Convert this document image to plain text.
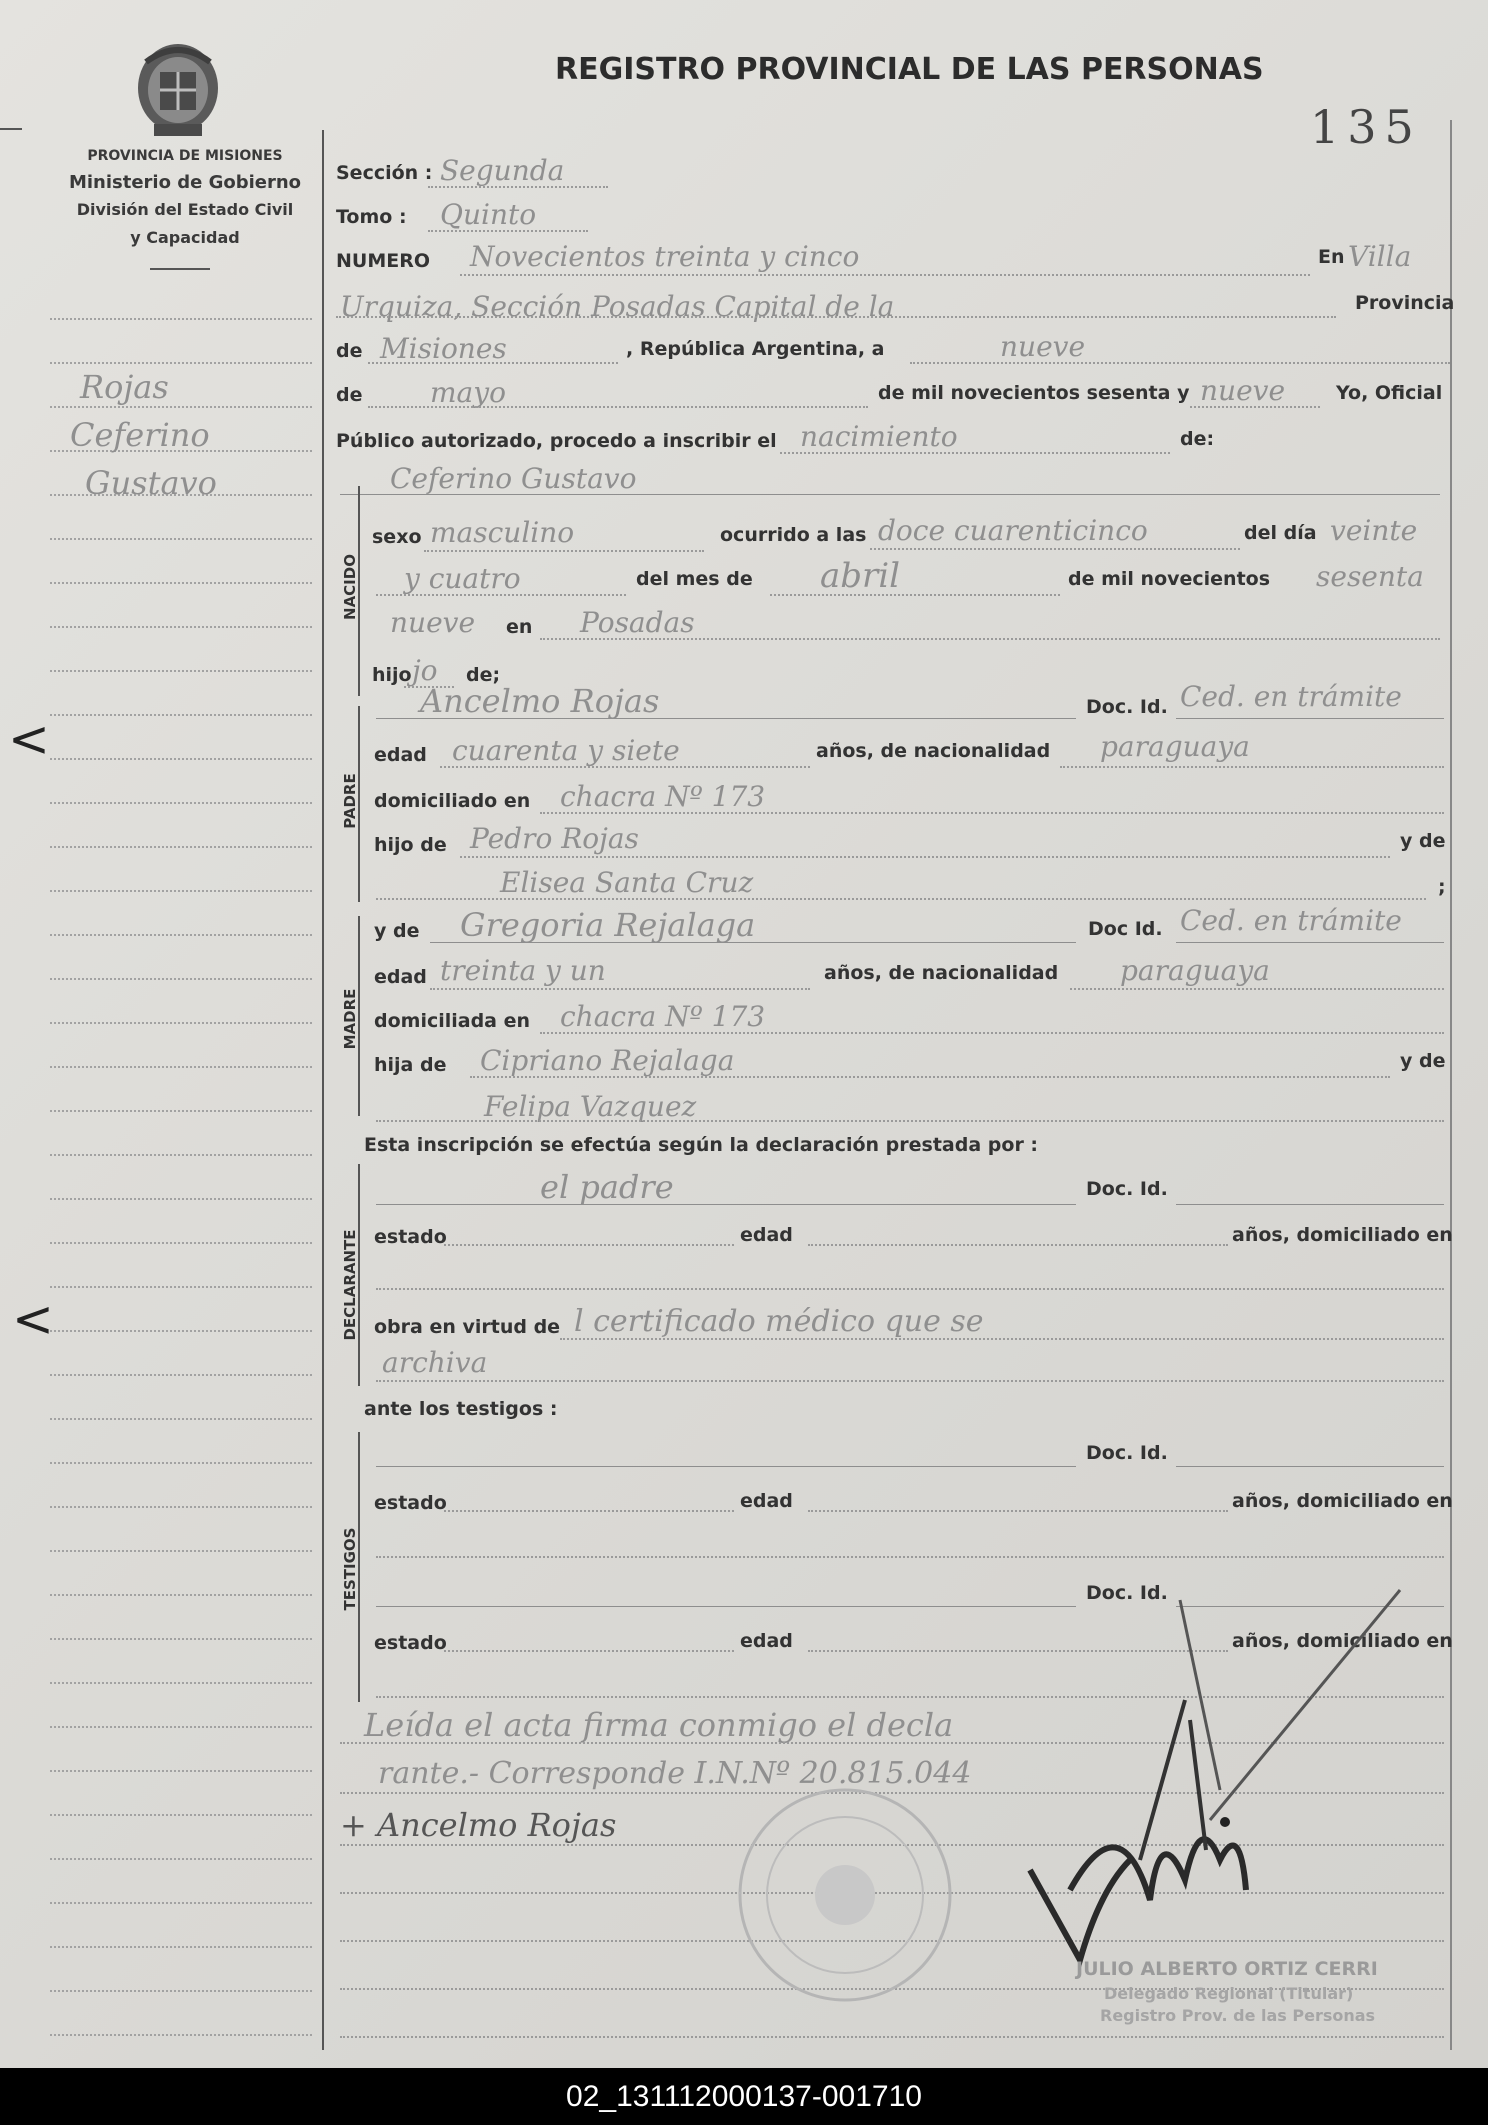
PROVINCIA DE MISIONES
Ministerio de Gobierno
División del Estado Civil
y Capacidad
REGISTRO PROVINCIAL DE LAS PERSONAS
135
Rojas
Ceferino
Gustavo
<
<
Sección : Segunda
Tomo : Quinto
NUMERO Novecientos treinta y cinco	En Villa
Urquiza, Sección Posadas Capital de la	Provincia
de Misiones	, República Argentina, a	nueve
de mayo	de mil novecientos sesenta y nueve	Yo, Oficial
Público autorizado, procedo a inscribir el nacimiento	de:
Ceferino Gustavo
NACIDO
sexo masculino	ocurrido a las doce cuarenticinco	del día veinte
y cuatro	del mes de abril	de mil novecientos sesenta
nueve en Posadas
hijo jo de;
PADRE
Ancelmo Rojas	Doc. Id. Ced. en trámite
edad cuarenta y siete	años, de nacionalidad paraguaya
domiciliado en chacra Nº 173
hijo de Pedro Rojas	y de
Elisea Santa Cruz	;
MADRE
y de Gregoria Rejalaga	Doc Id. Ced. en trámite
edad treinta y un	años, de nacionalidad paraguaya
domiciliada en chacra Nº 173
hija de Cipriano Rejalaga	y de
Felipa Vazquez
Esta inscripción se efectúa según la declaración prestada por :
DECLARANTE
el padre	Doc. Id.
estado	edad	años, domiciliado en
obra en virtud de l certificado médico que se
archiva
ante los testigos :
TESTIGOS
Doc. Id.
estado	edad	años, domiciliado en
Doc. Id.
estado	edad	años, domiciliado en
Leída el acta firma conmigo el decla
rante.- Corresponde I.N.Nº 20.815.044
+ Ancelmo Rojas
JULIO ALBERTO ORTIZ CERRI
Delegado Regional (Titular)
Registro Prov. de las Personas
02_131112000137-001710
